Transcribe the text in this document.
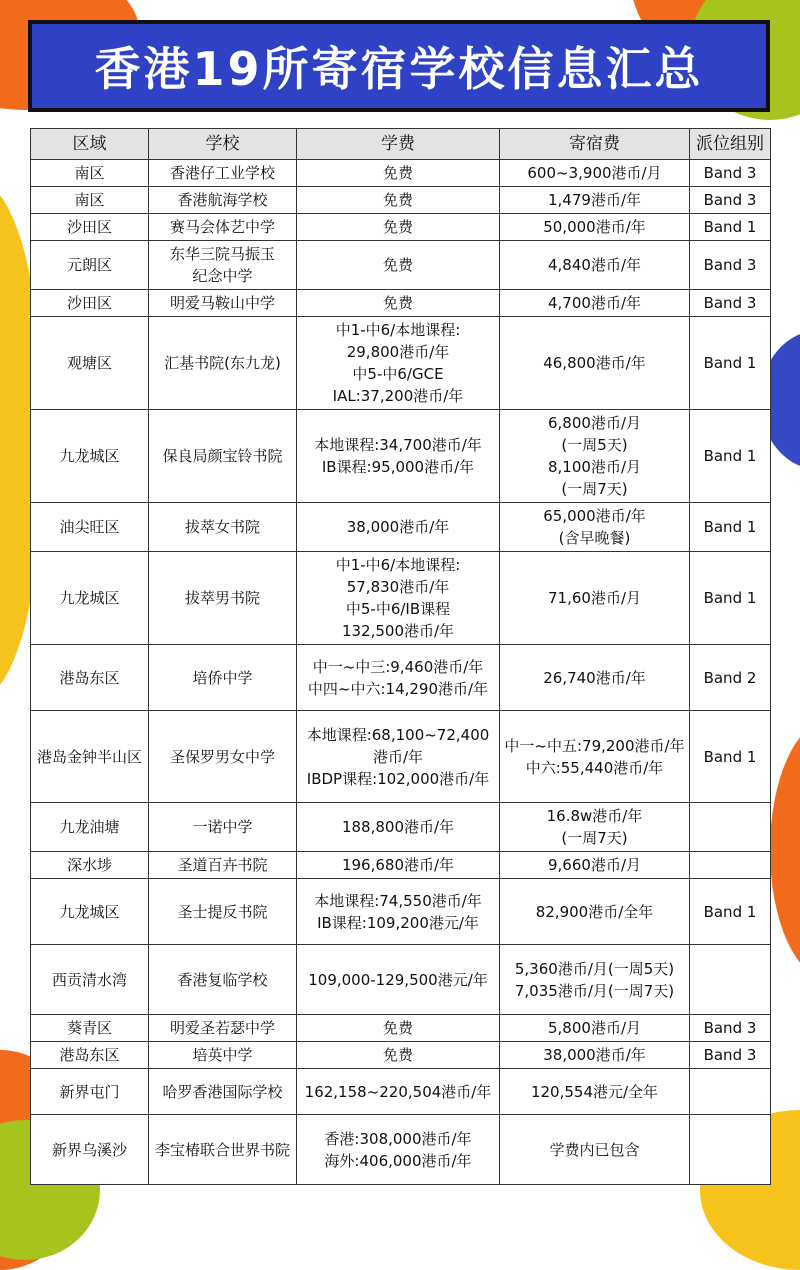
香港19所寄宿学校信息汇总
区域	学校	学费	寄宿费	派位组别

南区	香港仔工业学校	免费	600~3,900港币/月	Band 3

南区	香港航海学校	免费	1,479港币/年	Band 3

沙田区	赛马会体艺中学	免费	50,000港币/年	Band 1

元朗区	东华三院马振玉
纪念中学	免费	4,840港币/年	Band 3

沙田区	明爱马鞍山中学	免费	4,700港币/年	Band 3

观塘区	汇基书院(东九龙)	中1-中6/本地课程:
29,800港币/年
中5-中6/GCE
IAL:37,200港币/年	46,800港币/年	Band 1

九龙城区	保良局颜宝铃书院	本地课程:34,700港币/年
IB课程:95,000港币/年	6,800港币/月
(一周5天)
8,100港币/月
(一周7天)	Band 1

油尖旺区	拔萃女书院	38,000港币/年	65,000港币/年
(含早晚餐)	Band 1

九龙城区	拔萃男书院	中1-中6/本地课程:
57,830港币/年
中5-中6/IB课程
132,500港币/年	71,60港币/月	Band 1

港岛东区	培侨中学	中一~中三:9,460港币/年
中四~中六:14,290港币/年	26,740港币/年	Band 2

港岛金钟半山区	圣保罗男女中学	本地课程:68,100~72,400
港币/年
IBDP课程:102,000港币/年	中一~中五:79,200港币/年
中六:55,440港币/年	Band 1

九龙油塘	一诺中学	188,800港币/年	16.8w港币/年
(一周7天)	

深水埗	圣道百卉书院	196,680港币/年	9,660港币/月	

九龙城区	圣士提反书院	本地课程:74,550港币/年
IB课程:109,200港元/年	82,900港币/全年	Band 1

西贡清水湾	香港复临学校	109,000-129,500港元/年	5,360港币/月(一周5天)
7,035港币/月(一周7天)	

葵青区	明爱圣若瑟中学	免费	5,800港币/月	Band 3

港岛东区	培英中学	免费	38,000港币/年	Band 3

新界屯门	哈罗香港国际学校	162,158~220,504港币/年	120,554港元/全年	

新界乌溪沙	李宝椿联合世界书院	香港:308,000港币/年
海外:406,000港币/年	学费内已包含	
